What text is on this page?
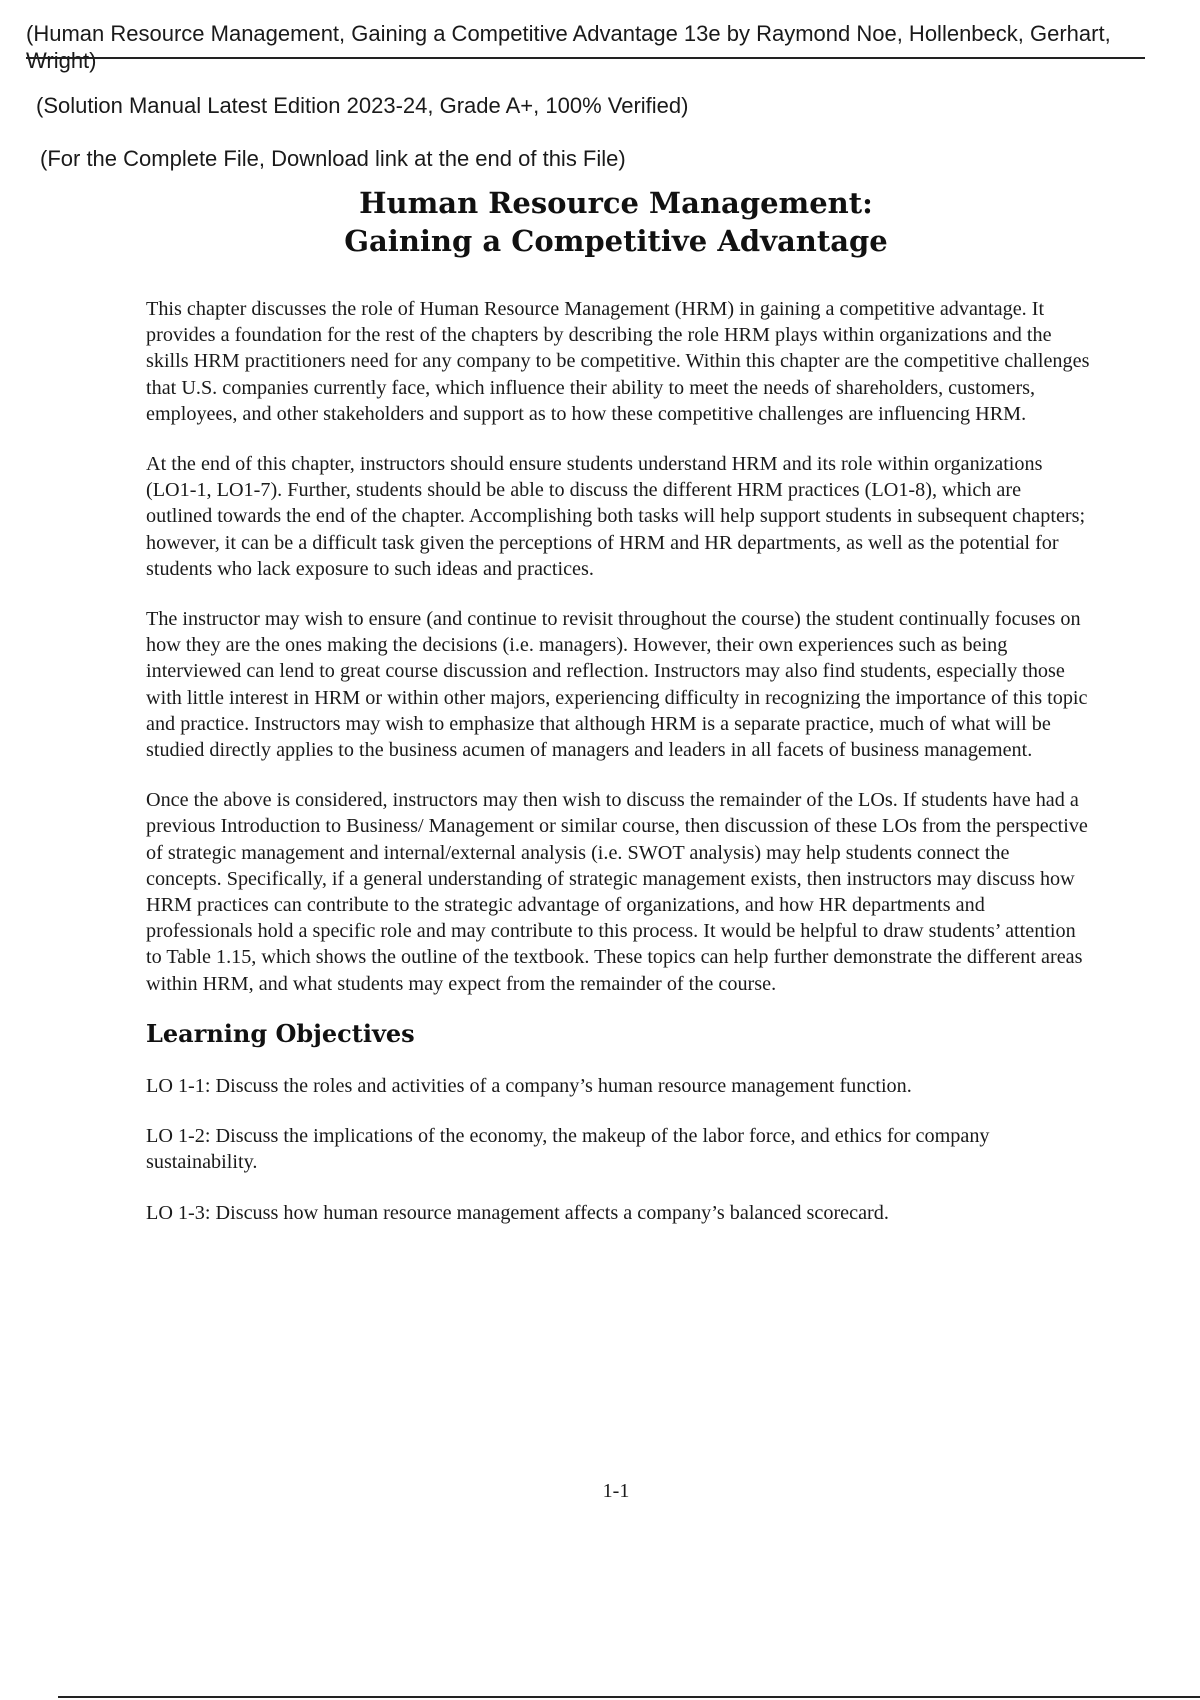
(Human Resource Management, Gaining a Competitive Advantage 13e by Raymond Noe, Hollenbeck, Gerhart,
Wright)
(Solution Manual Latest Edition 2023-24, Grade A+, 100% Verified)
(For the Complete File, Download link at the end of this File)
Human Resource Management:
Gaining a Competitive Advantage

This chapter discusses the role of Human Resource Management (HRM) in gaining a competitive advantage. It provides a foundation for the rest of the chapters by describing the role HRM plays within organizations and the skills HRM practitioners need for any company to be competitive. Within this chapter are the competitive challenges that U.S. companies currently face, which influence their ability to meet the needs of shareholders, customers, employees, and other stakeholders and support as to how these competitive challenges are influencing HRM.

At the end of this chapter, instructors should ensure students understand HRM and its role within organizations (LO1-1, LO1-7). Further, students should be able to discuss the different HRM practices (LO1-8), which are outlined towards the end of the chapter. Accomplishing both tasks will help support students in subsequent chapters; however, it can be a difficult task given the perceptions of HRM and HR departments, as well as the potential for students who lack exposure to such ideas and practices.

The instructor may wish to ensure (and continue to revisit throughout the course) the student continually focuses on how they are the ones making the decisions (i.e. managers). However, their own experiences such as being interviewed can lend to great course discussion and reflection. Instructors may also find students, especially those with little interest in HRM or within other majors, experiencing difficulty in recognizing the importance of this topic and practice. Instructors may wish to emphasize that although HRM is a separate practice, much of what will be studied directly applies to the business acumen of managers and leaders in all facets of business management.

Once the above is considered, instructors may then wish to discuss the remainder of the LOs. If students have had a previous Introduction to Business/ Management or similar course, then discussion of these LOs from the perspective of strategic management and internal/external analysis (i.e. SWOT analysis) may help students connect the concepts. Specifically, if a general understanding of strategic management exists, then instructors may discuss how HRM practices can contribute to the strategic advantage of organizations, and how HR departments and professionals hold a specific role and may contribute to this process. It would be helpful to draw students’ attention to Table 1.15, which shows the outline of the textbook. These topics can help further demonstrate the different areas within HRM, and what students may expect from the remainder of the course.

Learning Objectives
LO 1-1: Discuss the roles and activities of a company’s human resource management function.
LO 1-2: Discuss the implications of the economy, the makeup of the labor force, and ethics for company sustainability.
LO 1-3: Discuss how human resource management affects a company’s balanced scorecard.
1-1
